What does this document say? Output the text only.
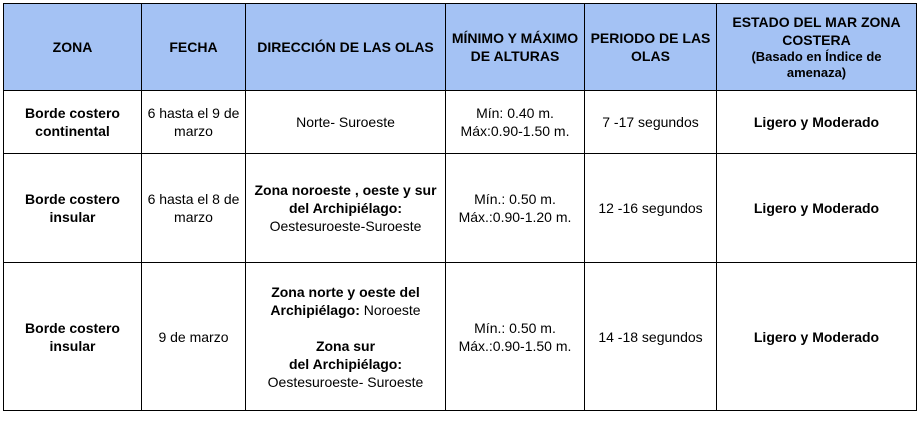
ZONA	FECHA	DIRECCIÓN DE LAS OLAS	MÍNIMO Y MÁXIMO DE ALTURAS	PERIODO DE LAS OLAS	ESTADO DEL MAR ZONA COSTERA
(Basado en Índice de amenaza)

Borde costero continental	6 hasta el 9 de marzo	Norte- Suroeste	Mín: 0.40 m.
Máx:0.90-1.50 m.	7 -17 segundos	Ligero y Moderado
Borde costero insular	6 hasta el 8 de marzo	Zona noroeste , oeste y sur
del Archipiélago:
Oestesuroeste-Suroeste	Mín.: 0.50 m.
Máx.:0.90-1.20 m.	12 -16 segundos	Ligero y Moderado
Borde costero insular	9 de marzo	Zona norte y oeste del Archipiélago: Noroeste
Zona sur
del Archipiélago:
Oestesuroeste- Suroeste	Mín.: 0.50 m.
Máx.:0.90-1.50 m.	14 -18 segundos	Ligero y Moderado
